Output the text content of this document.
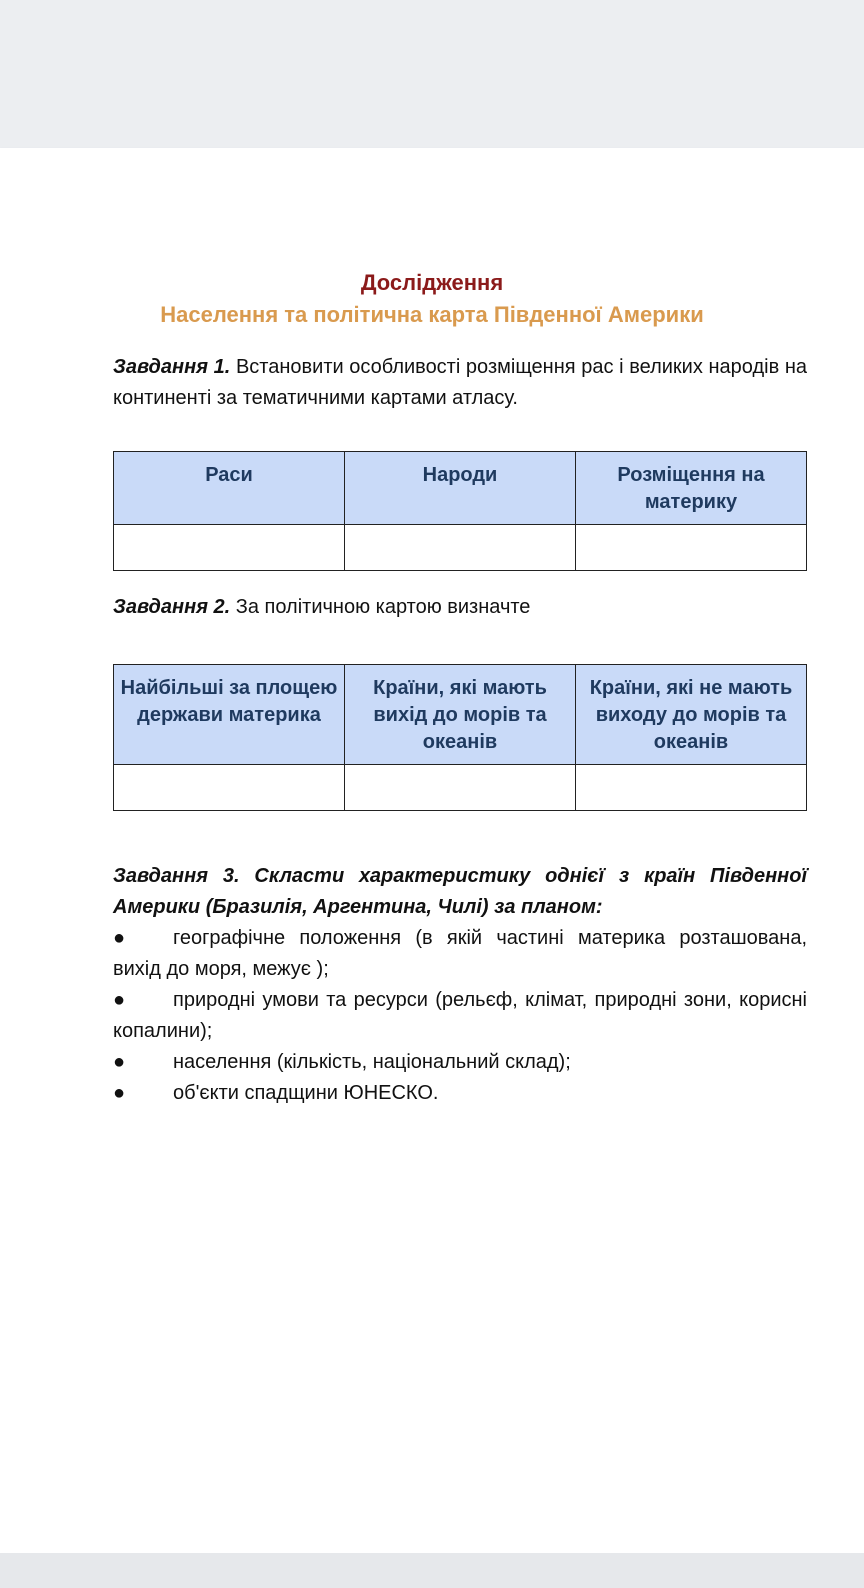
Дослідження
Населення та політична карта Південної Америки
Завдання 1. Встановити особливості розміщення рас і великих народів на континенті за тематичними картами атласу.
Раси	Народи	Розміщення на материку

Завдання 2. За політичною картою визначте
Найбільші за площею держави материка	Країни, які мають вихід до морів та океанів	Країни, які не мають виходу до морів та океанів

Завдання 3. Скласти характеристику однієї з країн Південної Америки (Бразилія, Аргентина, Чилі) за планом:
● географічне положення (в якій частині материка розташована, вихід до моря, межує );
● природні умови та ресурси (рельєф, клімат, природні зони, корисні копалини);
● населення (кількість, національний склад);
● об'єкти спадщини ЮНЕСКО.
